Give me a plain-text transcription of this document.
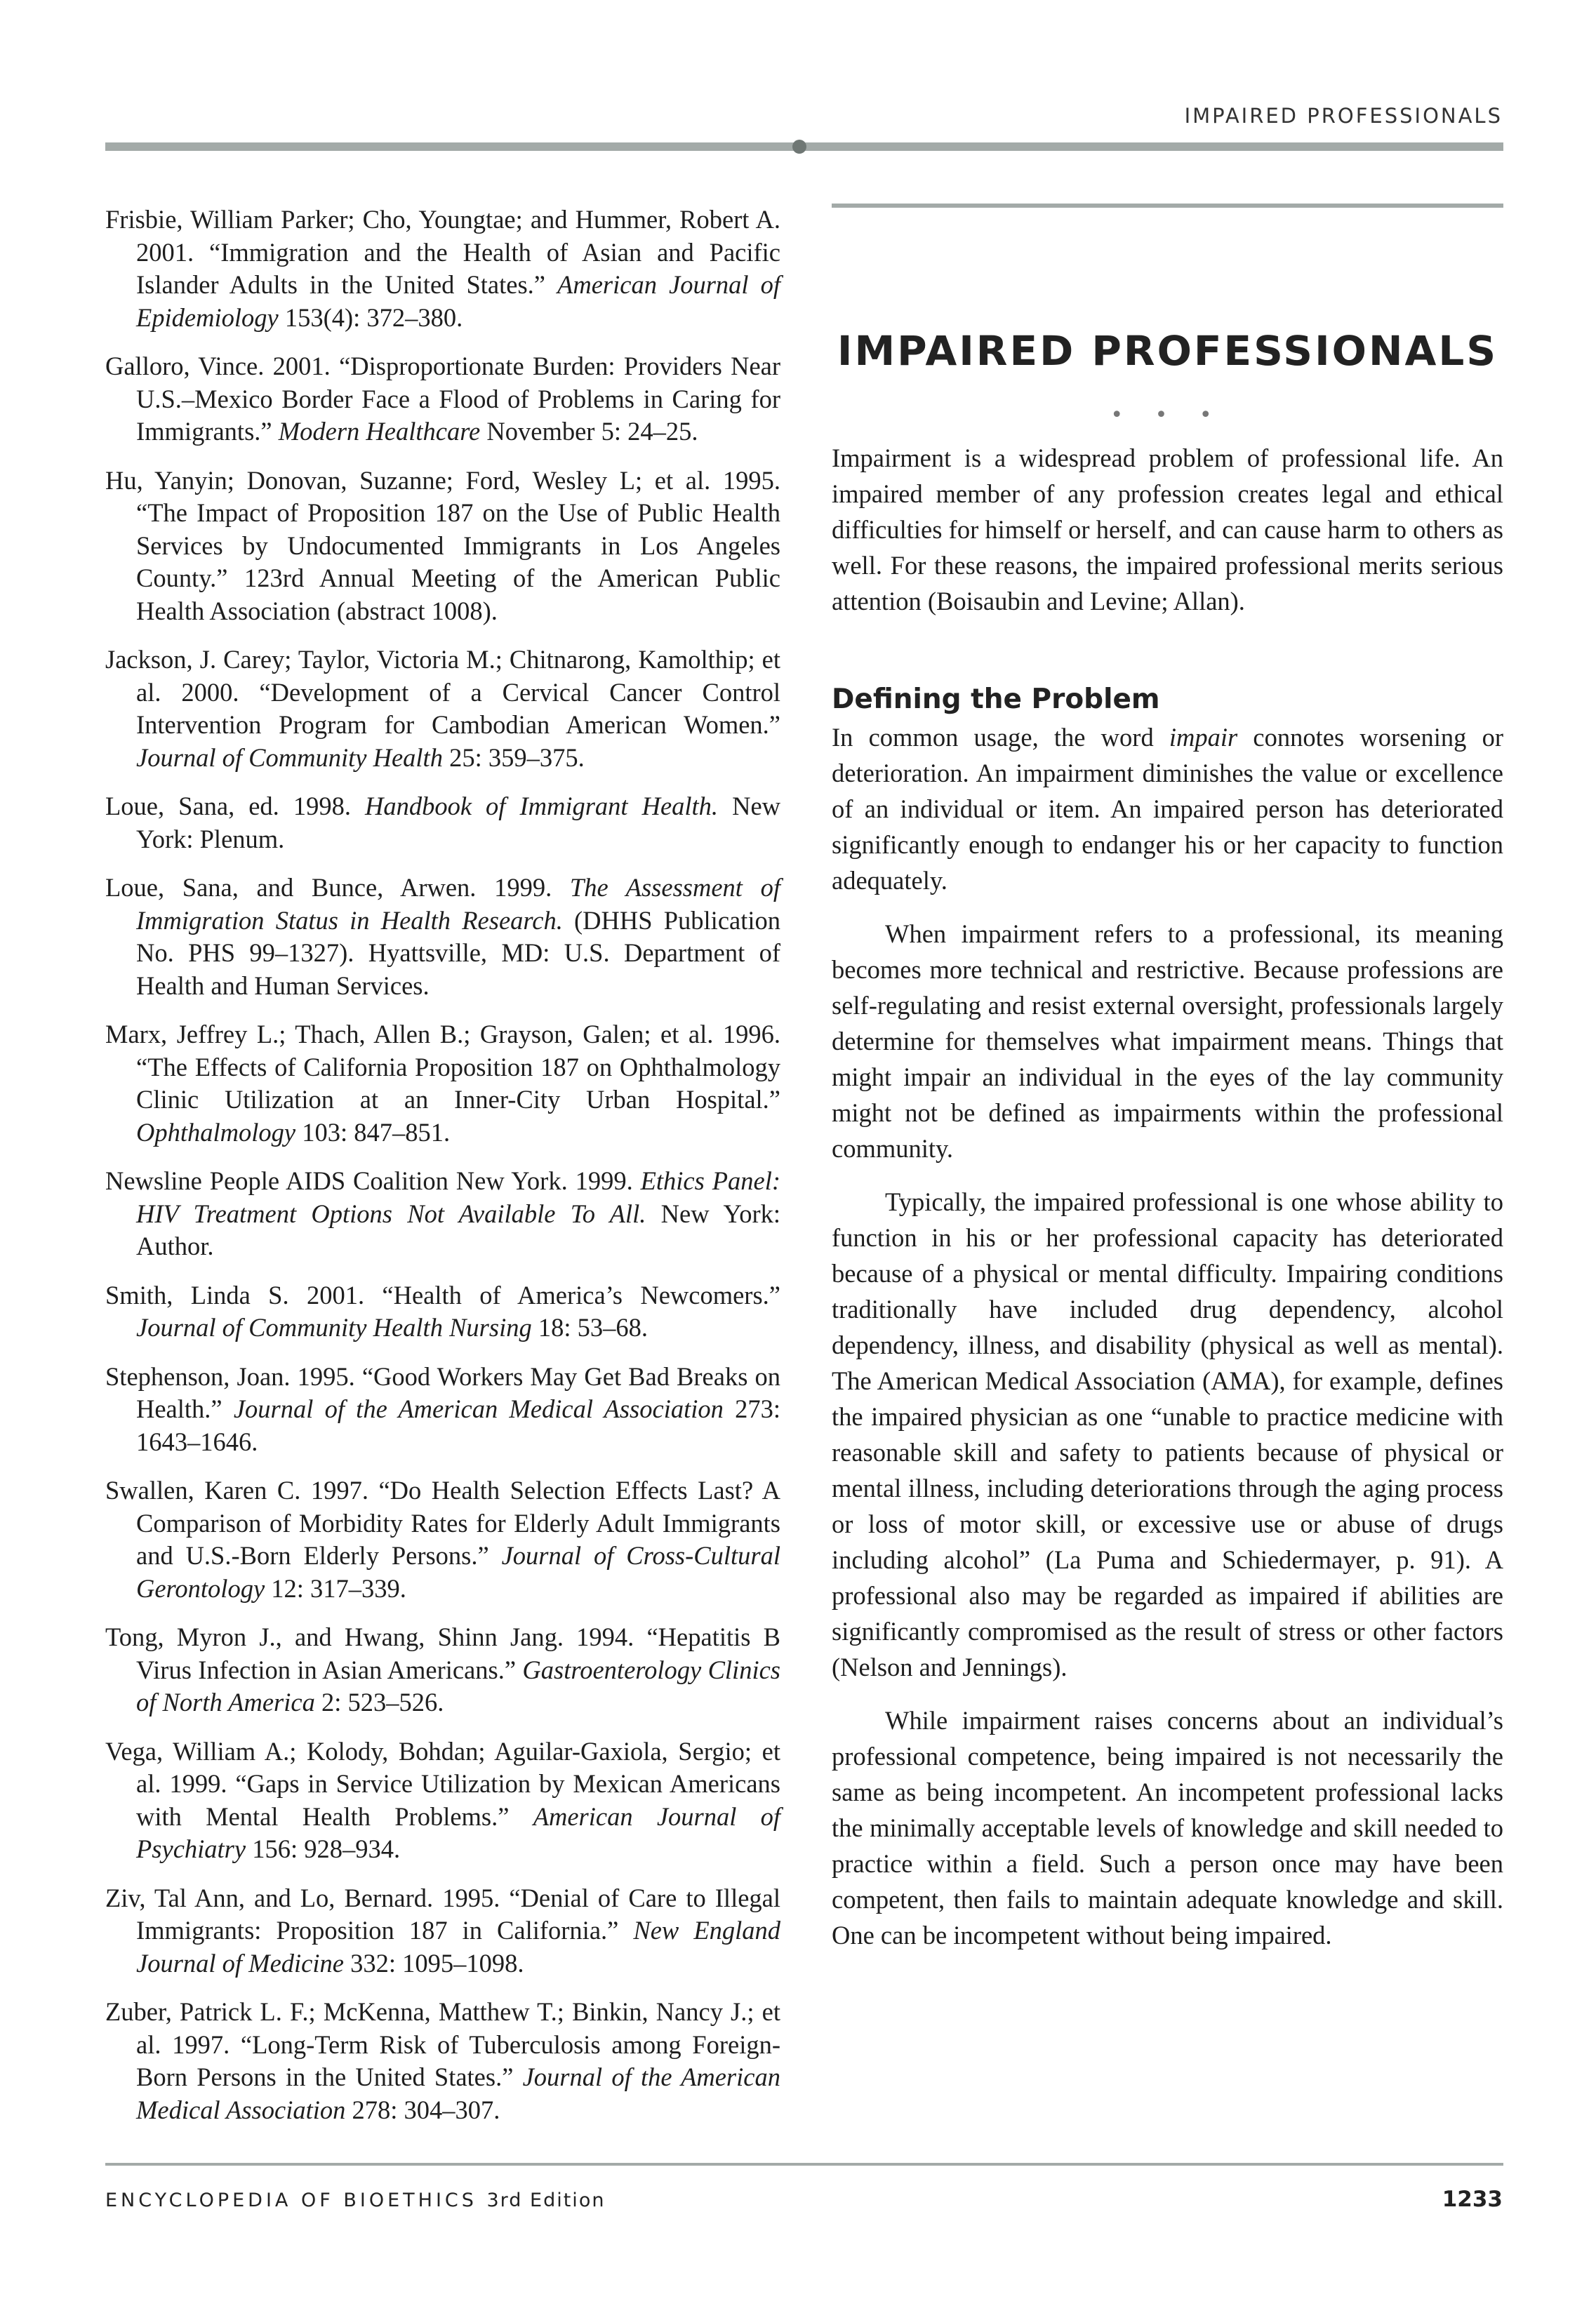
IMPAIRED PROFESSIONALS

Frisbie, William Parker; Cho, Youngtae; and Hummer, Robert A. 2001. “Immigration and the Health of Asian and Pacific Islander Adults in the United States.” American Journal of Epidemiology 153(4): 372–380.

Galloro, Vince. 2001. “Disproportionate Burden: Providers Near U.S.–Mexico Border Face a Flood of Problems in Caring for Immigrants.” Modern Healthcare November 5: 24–25.

Hu, Yanyin; Donovan, Suzanne; Ford, Wesley L; et al. 1995. “The Impact of Proposition 187 on the Use of Public Health Services by Undocumented Immigrants in Los Angeles County.” 123rd Annual Meeting of the American Public Health Association (abstract 1008).

Jackson, J. Carey; Taylor, Victoria M.; Chitnarong, Kamolthip; et al. 2000. “Development of a Cervical Cancer Control Intervention Program for Cambodian American Women.” Journal of Community Health 25: 359–375.

Loue, Sana, ed. 1998. Handbook of Immigrant Health. New York: Plenum.

Loue, Sana, and Bunce, Arwen. 1999. The Assessment of Immigration Status in Health Research. (DHHS Publication No. PHS 99–1327). Hyattsville, MD: U.S. Department of Health and Human Services.

Marx, Jeffrey L.; Thach, Allen B.; Grayson, Galen; et al. 1996. “The Effects of California Proposition 187 on Ophthalmology Clinic Utilization at an Inner-City Urban Hospital.” Ophthalmology 103: 847–851.

Newsline People AIDS Coalition New York. 1999. Ethics Panel: HIV Treatment Options Not Available To All. New York: Author.

Smith, Linda S. 2001. “Health of America’s Newcomers.” Journal of Community Health Nursing 18: 53–68.

Stephenson, Joan. 1995. “Good Workers May Get Bad Breaks on Health.” Journal of the American Medical Association 273: 1643–1646.

Swallen, Karen C. 1997. “Do Health Selection Effects Last? A Comparison of Morbidity Rates for Elderly Adult Immigrants and U.S.-Born Elderly Persons.” Journal of Cross-Cultural Gerontology 12: 317–339.

Tong, Myron J., and Hwang, Shinn Jang. 1994. “Hepatitis B Virus Infection in Asian Americans.” Gastroenterology Clinics of North America 2: 523–526.

Vega, William A.; Kolody, Bohdan; Aguilar-Gaxiola, Sergio; et al. 1999. “Gaps in Service Utilization by Mexican Americans with Mental Health Problems.” American Journal of Psychiatry 156: 928–934.

Ziv, Tal Ann, and Lo, Bernard. 1995. “Denial of Care to Illegal Immigrants: Proposition 187 in California.” New England Journal of Medicine 332: 1095–1098.

Zuber, Patrick L. F.; McKenna, Matthew T.; Binkin, Nancy J.; et al. 1997. “Long-Term Risk of Tuberculosis among Foreign-Born Persons in the United States.” Journal of the American Medical Association 278: 304–307.

IMPAIRED PROFESSIONALS
• • •

Impairment is a widespread problem of professional life. An impaired member of any profession creates legal and ethical difficulties for himself or herself, and can cause harm to others as well. For these reasons, the impaired professional merits serious attention (Boisaubin and Levine; Allan).

Defining the Problem

In common usage, the word impair connotes worsening or deterioration. An impairment diminishes the value or excellence of an individual or item. An impaired person has deteriorated significantly enough to endanger his or her capacity to function adequately.

When impairment refers to a professional, its meaning becomes more technical and restrictive. Because professions are self-regulating and resist external oversight, professionals largely determine for themselves what impairment means. Things that might impair an individual in the eyes of the lay community might not be defined as impairments within the professional community.

Typically, the impaired professional is one whose ability to function in his or her professional capacity has deteriorated because of a physical or mental difficulty. Impairing conditions traditionally have included drug dependency, alcohol dependency, illness, and disability (physical as well as mental). The American Medical Association (AMA), for example, defines the impaired physician as one “unable to practice medicine with reasonable skill and safety to patients because of physical or mental illness, including deteriorations through the aging process or loss of motor skill, or excessive use or abuse of drugs including alcohol” (La Puma and Schiedermayer, p. 91). A professional also may be regarded as impaired if abilities are significantly compromised as the result of stress or other factors (Nelson and Jennings).

While impairment raises concerns about an individual’s professional competence, being impaired is not necessarily the same as being incompetent. An incompetent professional lacks the minimally acceptable levels of knowledge and skill needed to practice within a field. Such a person once may have been competent, then fails to maintain adequate knowledge and skill. One can be incompetent without being impaired.

ENCYCLOPEDIA OF BIOETHICS 3rd Edition	1233
